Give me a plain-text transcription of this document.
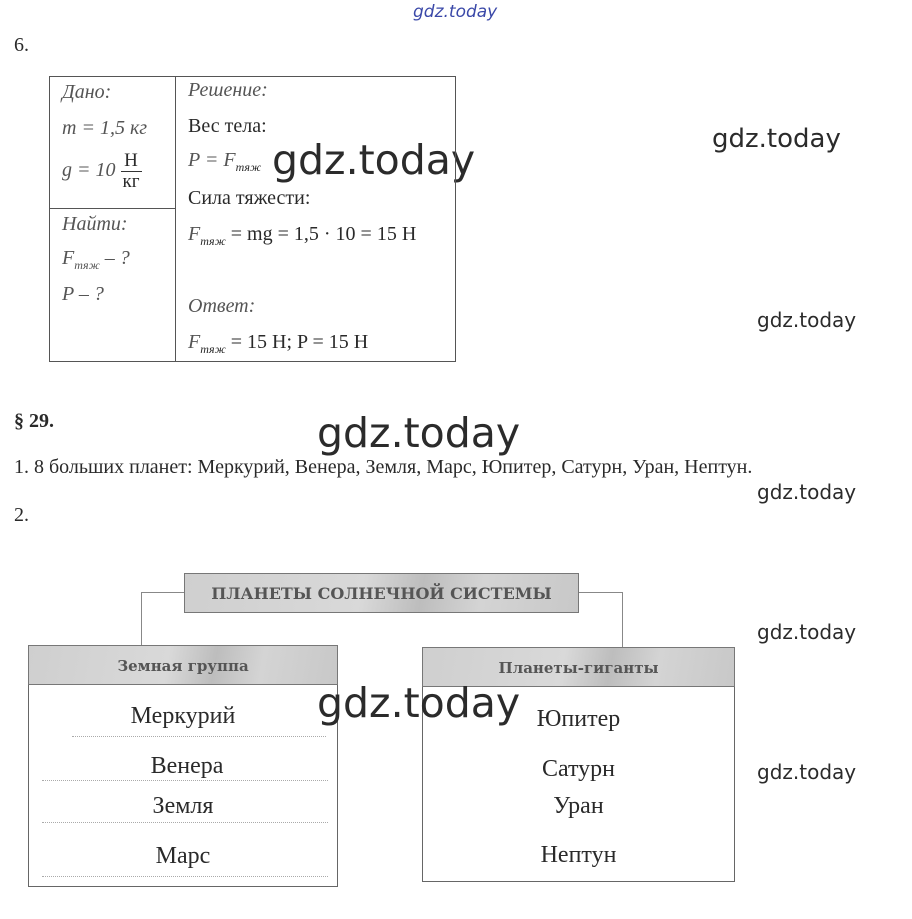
gdz.today
gdz.today	gdz.today
gdz.today
gdz.today
gdz.today
gdz.today
gdz.today
6.
Дано:
m = 1,5 кг
$g = 10 \frac{Н}{кг}$
Найти:
$F_{тяж}$ – ?
P – ?
Решение:
Вес тела:
$P = F_{тяж}$
Сила тяжести:
$F_{тяж}$ = mg = 1,5 · 10 = 15 Н
Ответ:
$F_{тяж} = 15$ Н; P = 15 Н
§ 29.
1. 8 больших планет: Меркурий, Венера, Земля, Марс, Юпитер, Сатурн, Уран, Нептун.
2.
ПЛАНЕТЫ СОЛНЕЧНОЙ СИСТЕМЫ
Земная группа
Меркурий
Венера
Земля
Марс
Планеты-гиганты
Юпитер
Сатурн
Уран
Нептун
gdz.today
